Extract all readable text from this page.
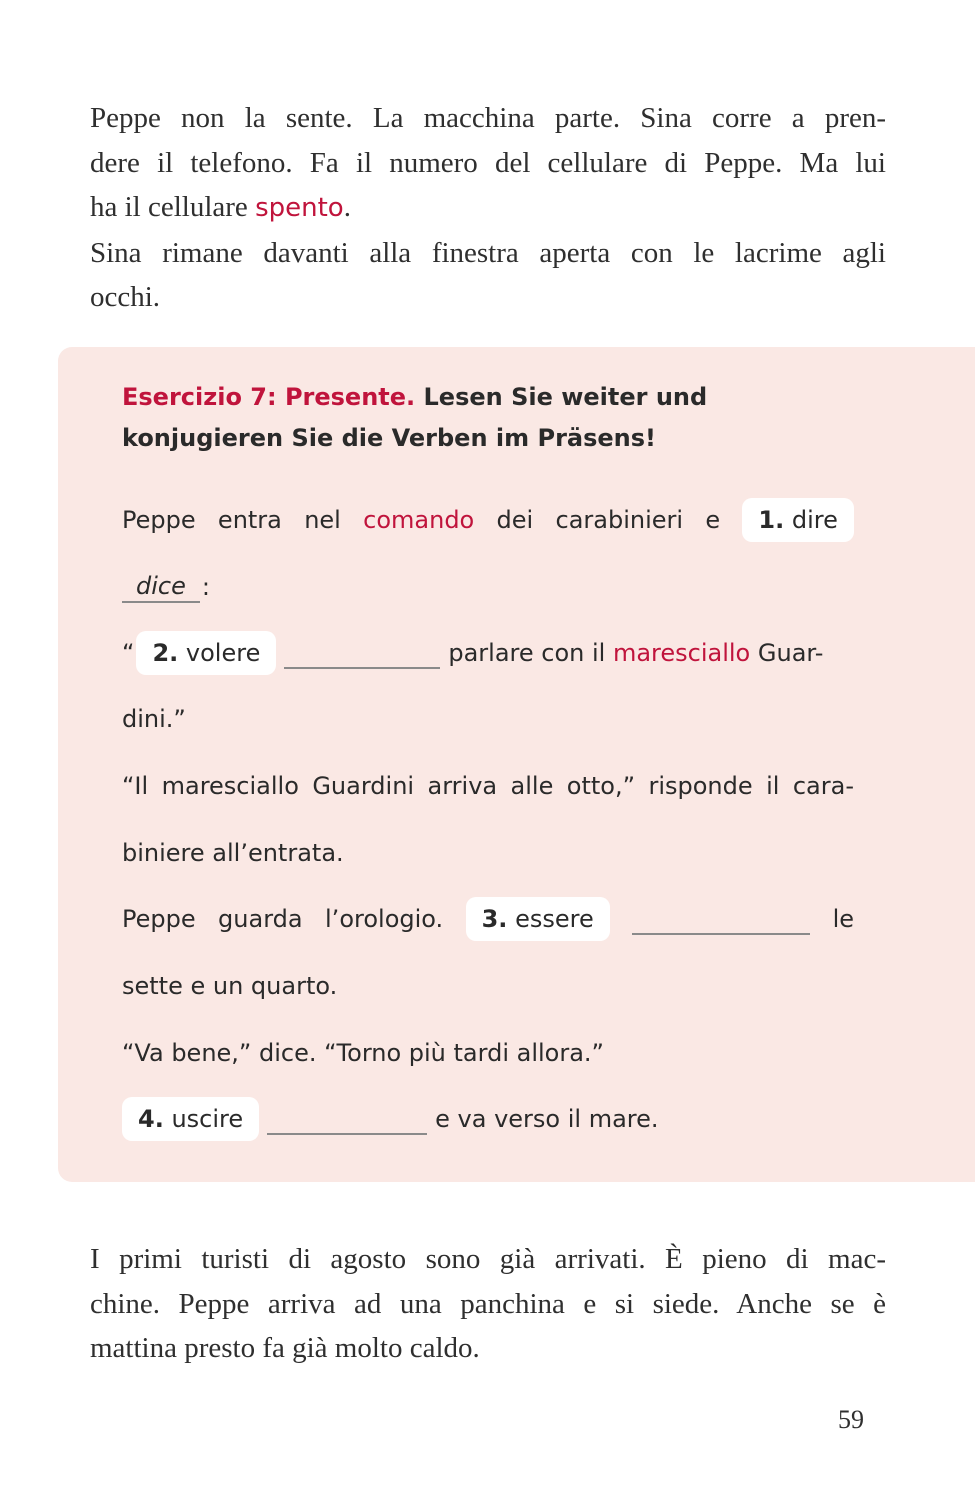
Peppe non la sente. La macchina parte. Sina corre a pren-
dere il telefono. Fa il numero del cellulare di Peppe. Ma lui
ha il cellulare spento.
Sina rimane davanti alla finestra aperta con le lacrime agli
occhi.
Esercizio 7: Presente. Lesen Sie weiter und
konjugieren Sie die Verben im Präsens!
Peppe entra nel comando dei carabinieri e	1. dire
dice :
“ 2. volere	parlare con il maresciallo Guar-
dini.”
“Il maresciallo Guardini arriva alle otto,” risponde il cara-
biniere all’entrata.
Peppe guarda l’orologio.	3. essere	le
sette e un quarto.
“Va bene,” dice. “Torno più tardi allora.”
4. uscire	e va verso il mare.
I primi turisti di agosto sono già arrivati. È pieno di mac-
chine. Peppe arriva ad una panchina e si siede. Anche se è
mattina presto fa già molto caldo.
59
